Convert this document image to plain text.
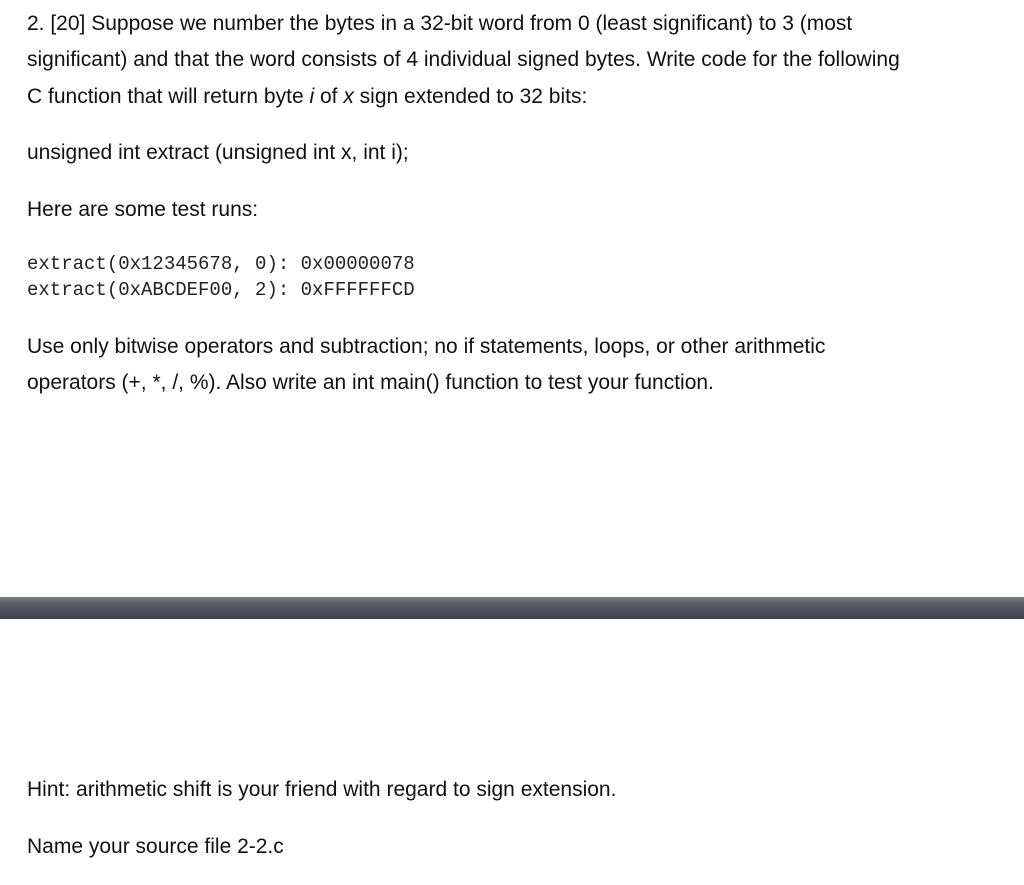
2. [20] Suppose we number the bytes in a 32-bit word from 0 (least significant) to 3 (most
significant) and that the word consists of 4 individual signed bytes. Write code for the following
C function that will return byte i of x sign extended to 32 bits:
unsigned int extract (unsigned int x, int i);
Here are some test runs:
extract(0x12345678, 0): 0x00000078
extract(0xABCDEF00, 2): 0xFFFFFFCD
Use only bitwise operators and subtraction; no if statements, loops, or other arithmetic
operators (+, *, /, %). Also write an int main() function to test your function.
Hint: arithmetic shift is your friend with regard to sign extension.
Name your source file 2-2.c
